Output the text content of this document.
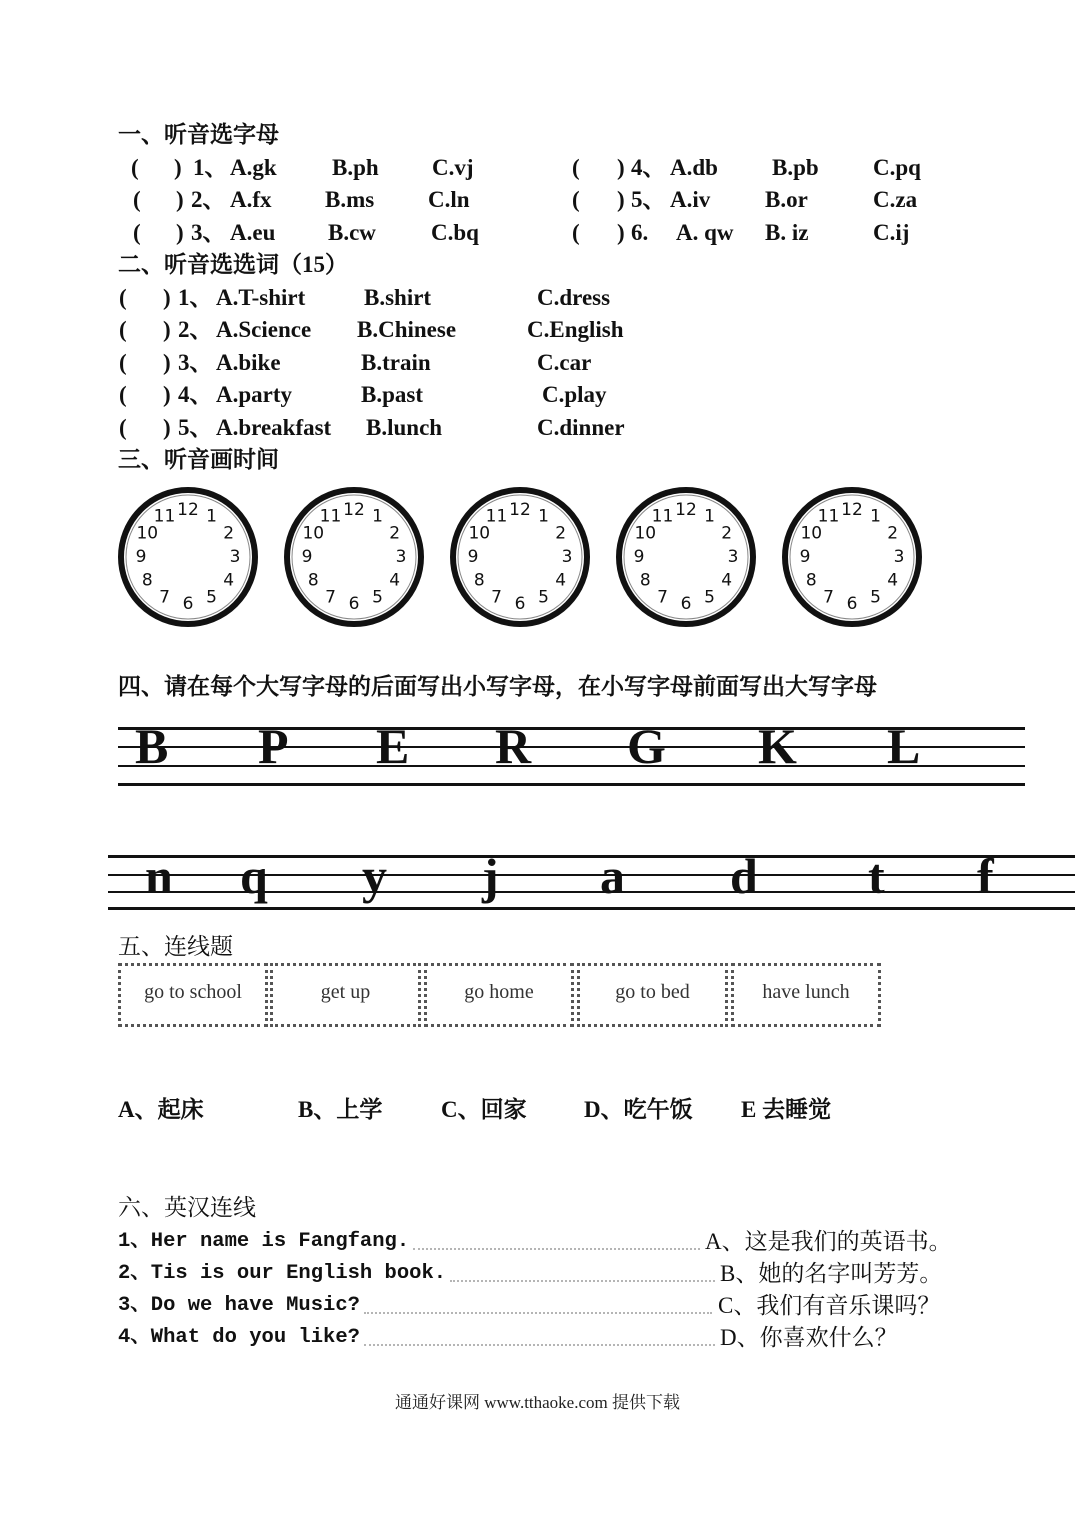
一、听音选字母
( ) 1、 A.gk B.ph C.vj	( ) 4、 A.db B.pb C.pq
( ) 2、 A.fx B.ms C.ln	( ) 5、 A.iv B.or	C.za
( ) 3、 A.eu B.cw C.bq	( ) 6. A. qw B. iz	C.ij
二、听音选选词（15）
( ) 1、 A.T-shirt	B.shirt	C.dress
( ) 2、 A.Science B.Chinese	C.English
( ) 3、 A.bike	B.train	C.car
( ) 4、 A.party	B.past	C.play
( ) 5、 A.breakfast B.lunch	C.dinner
三、听音画时间
12 1
2
3
4
5
6
7
8
9
10
11	12 1
2
3
4
5
6
7
8
9
10
11	12 1
2
3
4
5
6
7
8
9
10
11	12 1
2
3
4
5
6
7
8
9
10
11	12 1
2
3
4
5
6
7
8
9
10
11
四、请在每个大写字母的后面写出小写字母，在小写字母前面写出大写字母
B P E R G K L
n q y j a d t f
五、连线题
go to school	get up	go home	go to bed	have lunch
A、起床	B、上学	C、回家 D、吃午饭 E 去睡觉
六、英汉连线
1、Her name is Fangfang.	A、这是我们的英语书。
2、Tis is our English book.	B、她的名字叫芳芳。
3、Do we have Music?	C、我们有音乐课吗？
4、What do you like?	D、你喜欢什么？
通通好课网 www.tthaoke.com 提供下载
